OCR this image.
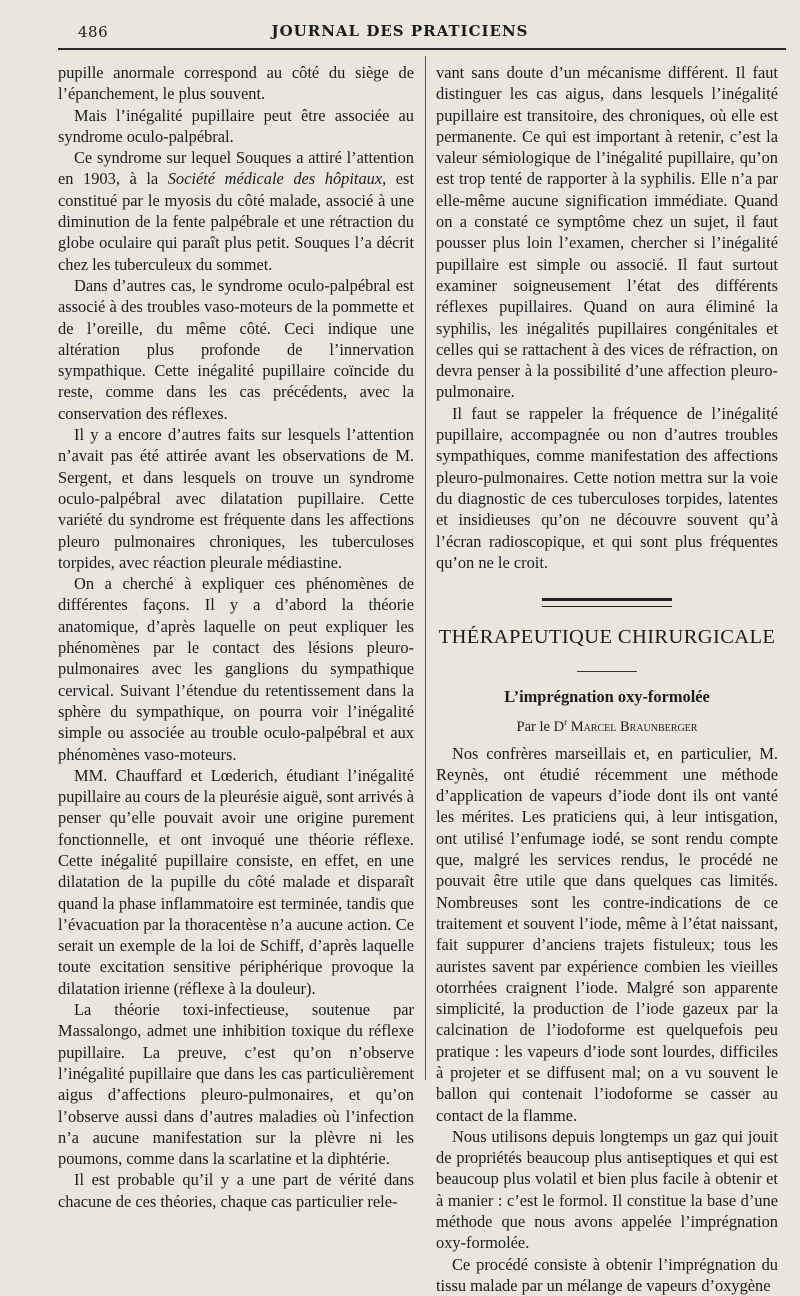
486	JOURNAL DES PRATICIENS

pupille anormale correspond au côté du siège de l’épanchement, le plus souvent.

Mais l’inégalité pupillaire peut être associée au syndrome oculo-palpébral.

Ce syndrome sur lequel Souques a attiré l’attention en 1903, à la Société médicale des hôpitaux, est constitué par le myosis du côté malade, associé à une diminution de la fente palpébrale et une rétraction du globe oculaire qui paraît plus petit. Souques l’a décrit chez les tuberculeux du sommet.

Dans d’autres cas, le syndrome oculo-palpébral est associé à des troubles vaso-moteurs de la pommette et de l’oreille, du même côté. Ceci indique une altération plus profonde de l’innervation sympathique. Cette inégalité pupillaire coïncide du reste, comme dans les cas précédents, avec la conservation des réflexes.

Il y a encore d’autres faits sur lesquels l’attention n’avait pas été attirée avant les observations de M. Sergent, et dans lesquels on trouve un syndrome oculo-palpébral avec dilatation pupillaire. Cette variété du syndrome est fréquente dans les affections pleuro pulmonaires chroniques, les tuberculoses torpides, avec réaction pleurale médiastine.

On a cherché à expliquer ces phénomènes de différentes façons. Il y a d’abord la théorie anatomique, d’après laquelle on peut expliquer les phénomènes par le contact des lésions pleuro-pulmonaires avec les ganglions du sympathique cervical. Suivant l’étendue du retentissement dans la sphère du sympathique, on pourra voir l’inégalité simple ou associée au trouble oculo-palpébral et aux phénomènes vaso-moteurs.

MM. Chauffard et Lœderich, étudiant l’inégalité pupillaire au cours de la pleurésie aiguë, sont arrivés à penser qu’elle pouvait avoir une origine purement fonctionnelle, et ont invoqué une théorie réflexe. Cette inégalité pupillaire consiste, en effet, en une dilatation de la pupille du côté malade et disparaît quand la phase inflammatoire est terminée, tandis que l’évacuation par la thoracentèse n’a aucune action. Ce serait un exemple de la loi de Schiff, d’après laquelle toute excitation sensitive périphérique provoque la dilatation irienne (réflexe à la douleur).

La théorie toxi-infectieuse, soutenue par Massalongo, admet une inhibition toxique du réflexe pupillaire. La preuve, c’est qu’on n’observe l’inégalité pupillaire que dans les cas particulièrement aigus d’affections pleuro-pulmonaires, et qu’on l’observe aussi dans d’autres maladies où l’infection n’a aucune manifestation sur la plèvre ni les poumons, comme dans la scarlatine et la diphtérie.

Il est probable qu’il y a une part de vérité dans chacune de ces théories, chaque cas particulier rele-

vant sans doute d’un mécanisme différent. Il faut distinguer les cas aigus, dans lesquels l’inégalité pupillaire est transitoire, des chroniques, où elle est permanente. Ce qui est important à retenir, c’est la valeur sémiologique de l’inégalité pupillaire, qu’on est trop tenté de rapporter à la syphilis. Elle n’a par elle-même aucune signification immédiate. Quand on a constaté ce symptôme chez un sujet, il faut pousser plus loin l’examen, chercher si l’inégalité pupillaire est simple ou associé. Il faut surtout examiner soigneusement l’état des différents réflexes pupillaires. Quand on aura éliminé la syphilis, les inégalités pupillaires congénitales et celles qui se rattachent à des vices de réfraction, on devra penser à la possibilité d’une affection pleuro-pulmonaire.

Il faut se rappeler la fréquence de l’inégalité pupillaire, accompagnée ou non d’autres troubles sympathiques, comme manifestation des affections pleuro-pulmonaires. Cette notion mettra sur la voie du diagnostic de ces tuberculoses torpides, latentes et insidieuses qu’on ne découvre souvent qu’à l’écran radioscopique, et qui sont plus fréquentes qu’on ne le croit.

THÉRAPEUTIQUE CHIRURGICALE
L’imprégnation oxy-formolée
Par le $D^r$ Marcel Braunberger

Nos confrères marseillais et, en particulier, M. Reynès, ont étudié récemment une méthode d’application de vapeurs d’iode dont ils ont vanté les mérites. Les praticiens qui, à leur intisgation, ont utilisé l’enfumage iodé, se sont rendu compte que, malgré les services rendus, le procédé ne pouvait être utile que dans quelques cas limités. Nombreuses sont les contre-indications de ce traitement et souvent l’iode, même à l’état naissant, fait suppurer d’anciens trajets fistuleux; tous les auristes savent par expérience combien les vieilles otorrhées craignent l’iode. Malgré son apparente simplicité, la production de l’iode gazeux par la calcination de l’iodoforme est quelquefois peu pratique : les vapeurs d’iode sont lourdes, difficiles à projeter et se diffusent mal; on a vu souvent le ballon qui contenait l’iodoforme se casser au contact de la flamme.

Nous utilisons depuis longtemps un gaz qui jouit de propriétés beaucoup plus antiseptiques et qui est beaucoup plus volatil et bien plus facile à obtenir et à manier : c’est le formol. Il constitue la base d’une méthode que nous avons appelée l’imprégnation oxy-formolée.

Ce procédé consiste à obtenir l’imprégnation du tissu malade par un mélange de vapeurs d’oxygène
